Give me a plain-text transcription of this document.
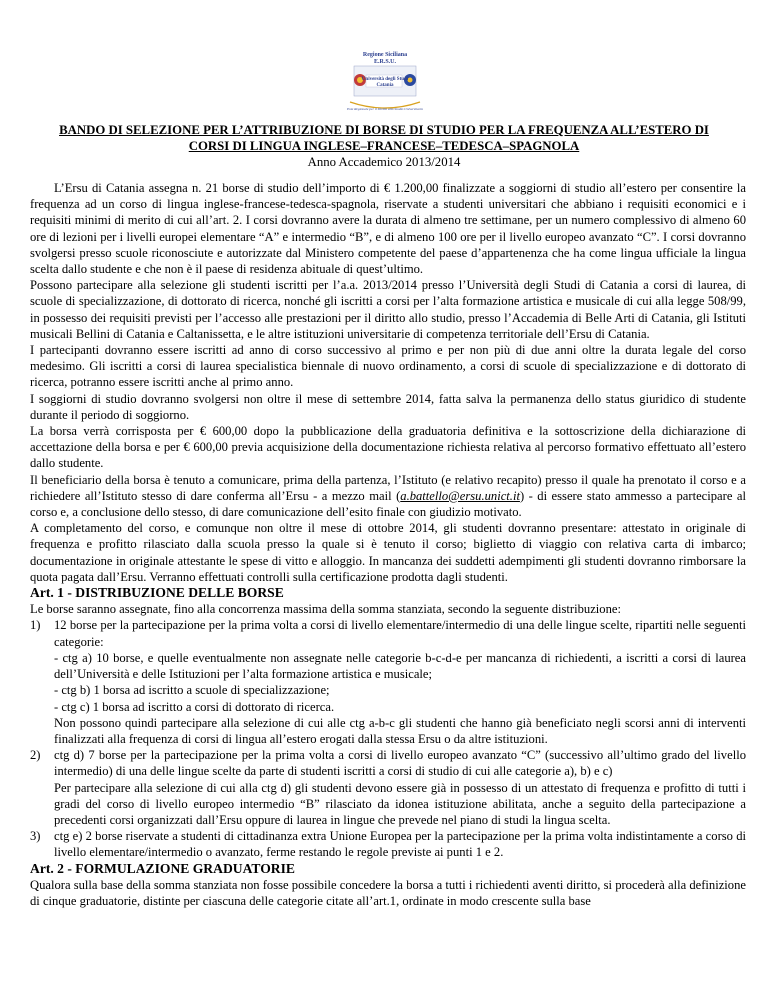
Regione Siciliana
E.R.S.U.
Università degli Studi
Catania
Ente Regionale per il Diritto allo Studio Universitario
BANDO DI SELEZIONE PER L’ATTRIBUZIONE DI BORSE DI STUDIO PER LA FREQUENZA ALL’ESTERO DI
CORSI DI LINGUA INGLESE–FRANCESE–TEDESCA–SPAGNOLA
Anno Accademico 2013/2014

L’Ersu di Catania assegna n. 21 borse di studio dell’importo di € 1.200,00 finalizzate a soggiorni di studio all’estero per consentire la frequenza ad un corso di lingua inglese-francese-tedesca-spagnola, riservate a studenti universitari che abbiano i requisiti economici e i requisiti minimi di merito di cui all’art. 2. I corsi dovranno avere la durata di almeno tre settimane, per un numero complessivo di almeno 60 ore di lezioni per i livelli europei elementare “A” e intermedio “B”, e di almeno 100 ore per il livello europeo avanzato “C”. I corsi dovranno svolgersi presso scuole riconosciute e autorizzate dal Ministero competente del paese d’appartenenza che ha come lingua ufficiale la lingua scelta dallo studente e che non è il paese di residenza abituale di quest’ultimo.

Possono partecipare alla selezione gli studenti iscritti per l’a.a. 2013/2014 presso l’Università degli Studi di Catania a corsi di laurea, di scuole di specializzazione, di dottorato di ricerca, nonché gli iscritti a corsi per l’alta formazione artistica e musicale di cui alla legge 508/99, in possesso dei requisiti previsti per l’accesso alle prestazioni per il diritto allo studio, presso l’Accademia di Belle Arti di Catania, gli Istituti musicali Bellini di Catania e Caltanissetta, e le altre istituzioni universitarie di competenza territoriale dell’Ersu di Catania.

I partecipanti dovranno essere iscritti ad anno di corso successivo al primo e per non più di due anni oltre la durata legale del corso medesimo. Gli iscritti a corsi di laurea specialistica biennale di nuovo ordinamento, a corsi di scuole di specializzazione e di dottorato di ricerca, potranno essere iscritti anche al primo anno.

I soggiorni di studio dovranno svolgersi non oltre il mese di settembre 2014, fatta salva la permanenza dello status giuridico di studente durante il periodo di soggiorno.

La borsa verrà corrisposta per € 600,00 dopo la pubblicazione della graduatoria definitiva e la sottoscrizione della dichiarazione di accettazione della borsa e per € 600,00 previa acquisizione della documentazione richiesta relativa al percorso formativo effettuato all’estero dallo studente.

Il beneficiario della borsa è tenuto a comunicare, prima della partenza, l’Istituto (e relativo recapito) presso il quale ha prenotato il corso e a richiedere all’Istituto stesso di dare conferma all’Ersu - a mezzo mail (a.battello@ersu.unict.it) - di essere stato ammesso a partecipare al corso e, a conclusione dello stesso, di dare comunicazione dell’esito finale con giudizio motivato.

A completamento del corso, e comunque non oltre il mese di ottobre 2014, gli studenti dovranno presentare: attestato in originale di frequenza e profitto rilasciato dalla scuola presso la quale si è tenuto il corso; biglietto di viaggio con relativa carta di imbarco; documentazione in originale attestante le spese di vitto e alloggio. In mancanza dei suddetti adempimenti gli studenti dovranno rimborsare la quota pagata dall’Ersu. Verranno effettuati controlli sulla certificazione prodotta dagli studenti.

Art. 1 - DISTRIBUZIONE DELLE BORSE

Le borse saranno assegnate, fino alla concorrenza massima della somma stanziata, secondo la seguente distribuzione:

1) 12 borse per la partecipazione per la prima volta a corsi di livello elementare/intermedio di una delle lingue scelte, ripartiti nelle seguenti categorie:

- ctg a) 10 borse, e quelle eventualmente non assegnate nelle categorie b-c-d-e per mancanza di richiedenti, a iscritti a corsi di laurea dell’Università e delle Istituzioni per l’alta formazione artistica e musicale;

- ctg b) 1 borsa ad iscritto a scuole di specializzazione;

- ctg c) 1 borsa ad iscritto a corsi di dottorato di ricerca.

Non possono quindi partecipare alla selezione di cui alle ctg a-b-c gli studenti che hanno già beneficiato negli scorsi anni di interventi finalizzati alla frequenza di corsi di lingua all’estero erogati dalla stessa Ersu o da altre istituzioni.

2) ctg d) 7 borse per la partecipazione per la prima volta a corsi di livello europeo avanzato “C” (successivo all’ultimo grado del livello intermedio) di una delle lingue scelte da parte di studenti iscritti a corsi di studio di cui alle categorie a), b) e c)

Per partecipare alla selezione di cui alla ctg d) gli studenti devono essere già in possesso di un attestato di frequenza e profitto di tutti i gradi del corso di livello europeo intermedio “B” rilasciato da idonea istituzione abilitata, anche a seguito della partecipazione a precedenti corsi organizzati dall’Ersu oppure di laurea in lingue che prevede nel piano di studi la lingua scelta.

3) ctg e) 2 borse riservate a studenti di cittadinanza extra Unione Europea per la partecipazione per la prima volta indistintamente a corso di livello elementare/intermedio o avanzato, ferme restando le regole previste ai punti 1 e 2.

Art. 2 - FORMULAZIONE GRADUATORIE

Qualora sulla base della somma stanziata non fosse possibile concedere la borsa a tutti i richiedenti aventi diritto, si procederà alla definizione di cinque graduatorie, distinte per ciascuna delle categorie citate all’art.1, ordinate in modo crescente sulla base
